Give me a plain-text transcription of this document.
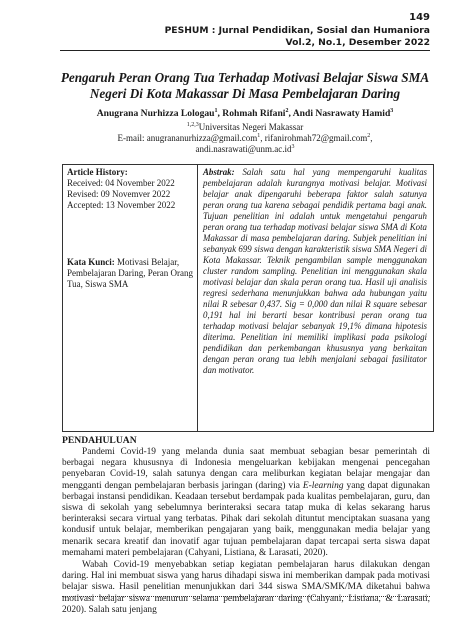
149
PESHUM : Jurnal Pendidikan, Sosial dan Humaniora
Vol.2, No.1, Desember 2022
Pengaruh Peran Orang Tua Terhadap Motivasi Belajar Siswa SMA Negeri Di Kota Makassar Di Masa Pembelajaran Daring
Anugrana Nurhizza Lologau$^1$, Rohmah Rifani$^2$, Andi Nasrawaty Hamid$^3$
$^{1,2,3}$Universitas Negeri Makassar
E-mail: anugrananurhizza@gmail.com$^1$, rifanirohmah72@gmail.com$^2$,
$andi.nasrawati@unm.ac.id^3$
Article History:
Received: 04 November 2022
Revised: 09 Novemver 2022
Accepted: 13 November 2022
Kata Kunci: Motivasi Belajar, Pembelajaran Daring, Peran Orang Tua, Siswa SMA
Abstrak: Salah satu hal yang mempengaruhi kualitas pembelajaran adalah kurangnya motivasi belajar. Motivasi belajar anak dipengaruhi beberapa faktor salah satunya peran orang tua karena sebagai pendidik pertama bagi anak. Tujuan penelitian ini adalah untuk mengetahui pengaruh peran orang tua terhadap motivasi belajar siswa SMA di Kota Makassar di masa pembelajaran daring. Subjek penelitian ini sebanyak 699 siswa dengan karakteristik siswa SMA Negeri di Kota Makassar. Teknik pengambilan sample menggunakan cluster random sampling. Penelitian ini menggunakan skala motivasi belajar dan skala peran orang tua. Hasil uji analisis regresi sederhana menunjukkan bahwa ada hubungan yaitu nilai R sebesar 0,437. Sig = 0,000 dan nilai R square sebesar 0,191 hal ini berarti besar kontribusi peran orang tua terhadap motivasi belajar sebanyak 19,1% dimana hipotesis diterima. Penelitian ini memiliki implikasi pada psikologi pendidikan dan perkembangan khususnya yang berkaitan dengan peran orang tua lebih menjalani sebagai fasilitator dan motivator.
PENDAHULUAN

Pandemi Covid-19 yang melanda dunia saat membuat sebagian besar pemerintah di berbagai negara khususnya di Indonesia mengeluarkan kebijakan mengenai pencegahan penyebaran Covid-19, salah satunya dengan cara meliburkan kegiatan belajar mengajar dan mengganti dengan pembelajaran berbasis jaringan (daring) via E-learning yang dapat digunakan berbagai instansi pendidikan. Keadaan tersebut berdampak pada kualitas pembelajaran, guru, dan siswa di sekolah yang sebelumnya berinteraksi secara tatap muka di kelas sekarang harus berinteraksi secara virtual yang terbatas. Pihak dari sekolah dituntut menciptakan suasana yang kondusif untuk belajar, memberikan pengajaran yang baik, menggunakan media belajar yang menarik secara kreatif dan inovatif agar tujuan pembelajaran dapat tercapai serta siswa dapat memahami materi pembelajaran (Cahyani, Listiana, & Larasati, 2020).

Wabah Covid-19 menyebabkan setiap kegiatan pembelajaran harus dilakukan dengan daring. Hal ini membuat siswa yang harus dihadapi siswa ini memberikan dampak pada motivasi belajar siswa. Hasil penelitian menunjukkan dari 344 siswa SMA/SMK/MA diketahui bahwa motivasi belajar siswa menurun selama pembelajaran daring (Cahyani, Listiana, & Larasati, 2020). Salah satu jenjang
